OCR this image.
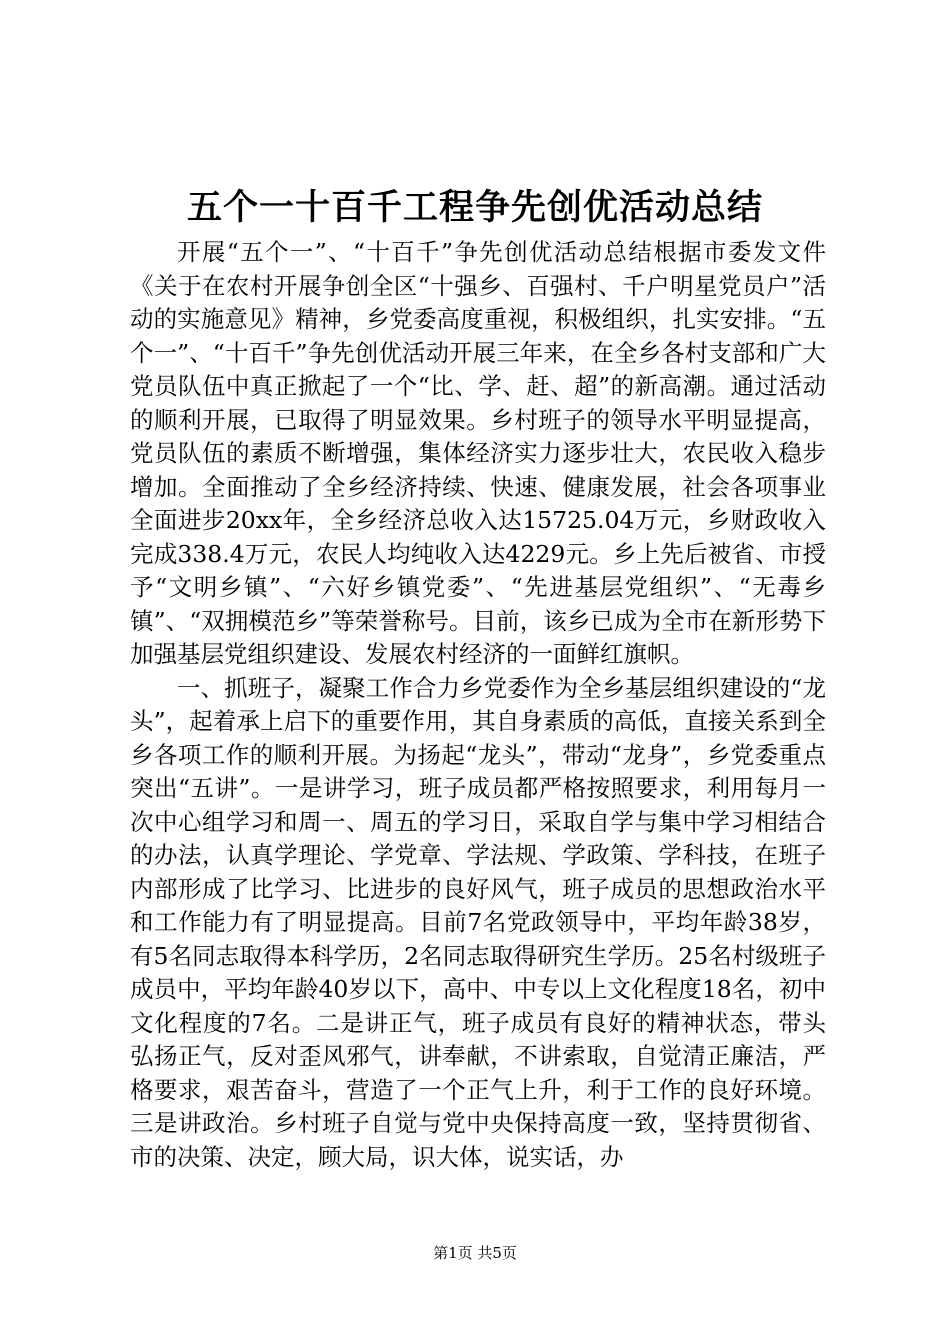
五个一十百千工程争先创优活动总结

开展“五个一”、“十百千”争先创优活动总结根据市委发文件《关于在农村开展争创全区“十强乡、百强村、千户明星党员户”活动的实施意见》精神，乡党委高度重视，积极组织，扎实安排。“五个一”、“十百千”争先创优活动开展三年来，在全乡各村支部和广大党员队伍中真正掀起了一个“比、学、赶、超”的新高潮。通过活动的顺利开展，已取得了明显效果。乡村班子的领导水平明显提高，党员队伍的素质不断增强，集体经济实力逐步壮大，农民收入稳步增加。全面推动了全乡经济持续、快速、健康发展，社会各项事业全面进步20xx年，全乡经济总收入达15725.04万元，乡财政收入完成338.4万元，农民人均纯收入达4229元。乡上先后被省、市授予“文明乡镇”、“六好乡镇党委”、“先进基层党组织”、“无毒乡镇”、“双拥模范乡”等荣誉称号。目前，该乡已成为全市在新形势下加强基层党组织建设、发展农村经济的一面鲜红旗帜。

一、抓班子，凝聚工作合力乡党委作为全乡基层组织建设的“龙头”，起着承上启下的重要作用，其自身素质的高低，直接关系到全乡各项工作的顺利开展。为扬起“龙头”，带动“龙身”，乡党委重点突出“五讲”。一是讲学习，班子成员都严格按照要求，利用每月一次中心组学习和周一、周五的学习日，采取自学与集中学习相结合的办法，认真学理论、学党章、学法规、学政策、学科技，在班子内部形成了比学习、比进步的良好风气，班子成员的思想政治水平和工作能力有了明显提高。目前7名党政领导中，平均年龄38岁，有5名同志取得本科学历，2名同志取得研究生学历。25名村级班子成员中，平均年龄40岁以下，高中、中专以上文化程度18名，初中文化程度的7名。二是讲正气，班子成员有良好的精神状态，带头弘扬正气，反对歪风邪气，讲奉献，不讲索取，自觉清正廉洁，严格要求，艰苦奋斗，营造了一个正气上升，利于工作的良好环境。三是讲政治。乡村班子自觉与党中央保持高度一致，坚持贯彻省、市的决策、决定，顾大局，识大体，说实话，办

第1页 共5页
